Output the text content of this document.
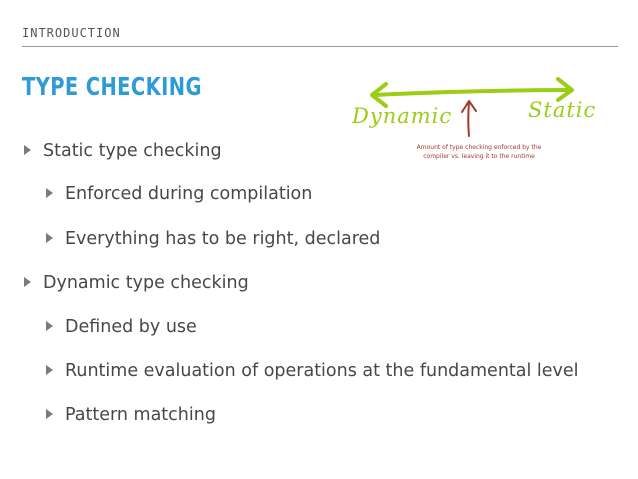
INTRODUCTION
TYPE CHECKING
Dynamic	Static
Amount of type checking enforced by the compiler vs. leaving it to the runtime
Static type checking
Enforced during compilation
Everything has to be right, declared
Dynamic type checking
Defined by use
Runtime evaluation of operations at the fundamental level
Pattern matching
